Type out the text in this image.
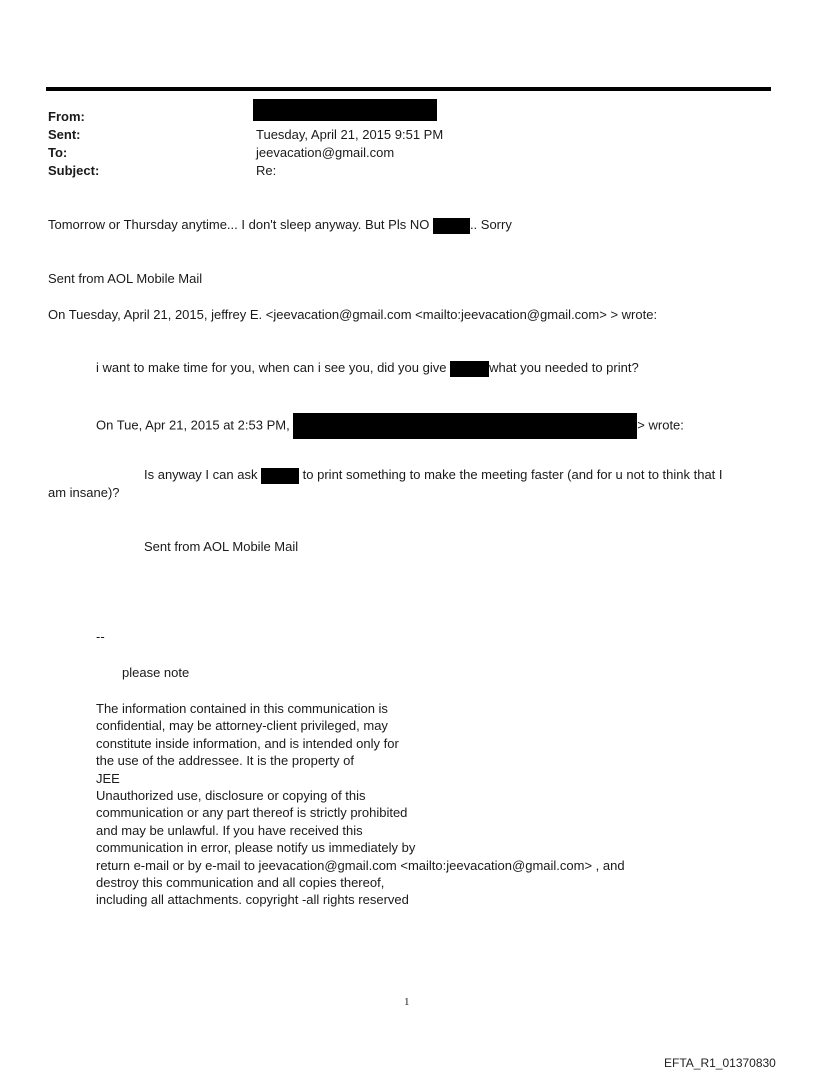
From:
Sent:	Tuesday, April 21, 2015 9:51 PM
To:	jeevacation@gmail.com
Subject:	Re:
Tomorrow or Thursday anytime... I don't sleep anyway. But Pls NO	.. Sorry
Sent from AOL Mobile Mail
On Tuesday, April 21, 2015, jeffrey E. <jeevacation@gmail.com <mailto:jeevacation@gmail.com> > wrote:
i want to make time for you, when can i see you, did you give	what you needed to print?
On Tue, Apr 21, 2015 at 2:53 PM,	> wrote:
Is anyway I can ask	to print something to make the meeting faster (and for u not to think that I
am insane)?
Sent from AOL Mobile Mail
--
please note
The information contained in this communication is
confidential, may be attorney-client privileged, may
constitute inside information, and is intended only for
the use of the addressee. It is the property of
JEE
Unauthorized use, disclosure or copying of this
communication or any part thereof is strictly prohibited
and may be unlawful. If you have received this
communication in error, please notify us immediately by
return e-mail or by e-mail to jeevacation@gmail.com <mailto:jeevacation@gmail.com> , and
destroy this communication and all copies thereof,
including all attachments. copyright -all rights reserved
1
EFTA_R1_01370830
